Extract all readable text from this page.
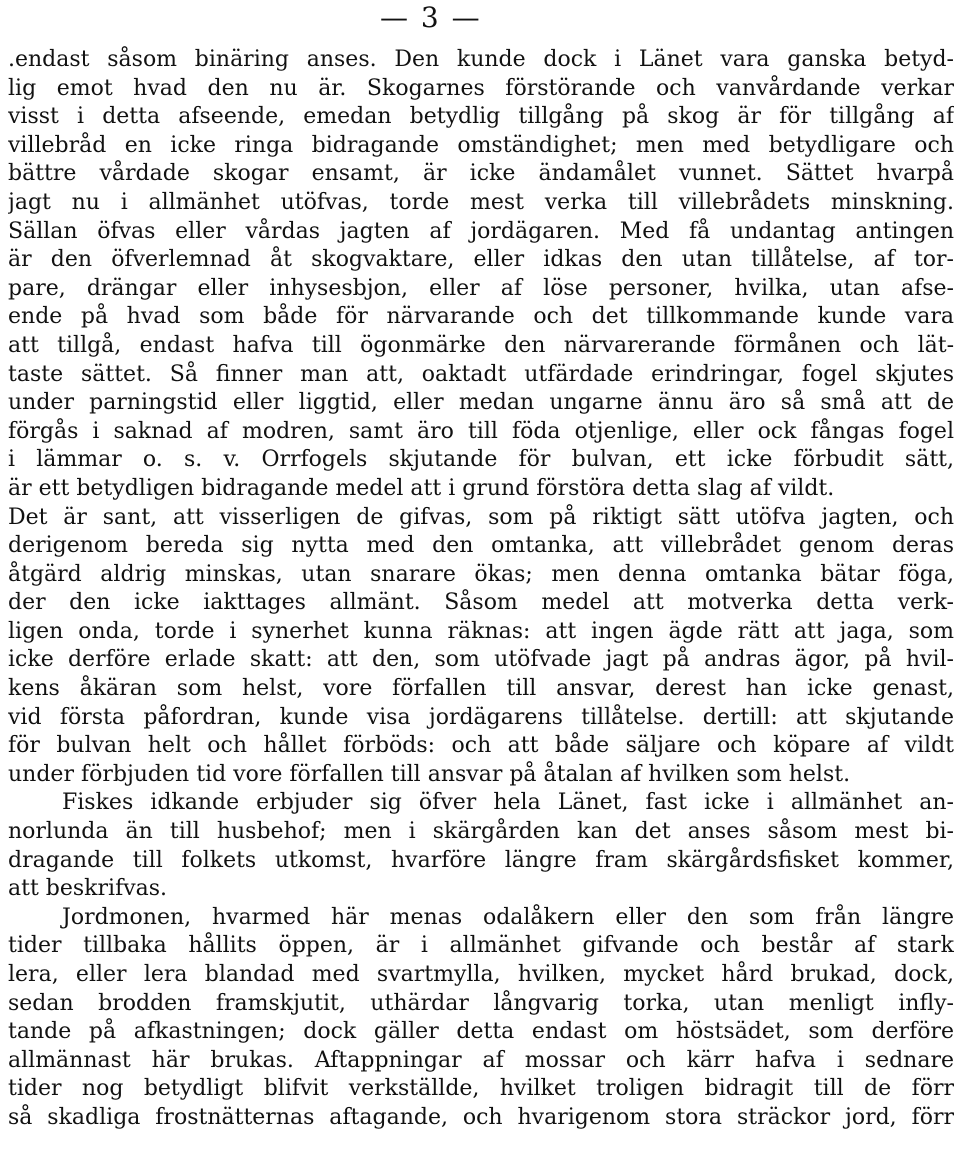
— 3 —
.endast såsom binäring anses. Den kunde dock i Länet vara ganska betyd-
lig emot hvad den nu är. Skogarnes förstörande och vanvårdande verkar
visst i detta afseende, emedan betydlig tillgång på skog är för tillgång af
villebråd en icke ringa bidragande omständighet; men med betydligare och
bättre vårdade skogar ensamt, är icke ändamålet vunnet. Sättet hvarpå
jagt nu i allmänhet utöfvas, torde mest verka till villebrådets minskning.
Sällan öfvas eller vårdas jagten af jordägaren. Med få undantag antingen
är den öfverlemnad åt skogvaktare, eller idkas den utan tillåtelse, af tor-
pare, drängar eller inhysesbjon, eller af löse personer, hvilka, utan afse-
ende på hvad som både för närvarande och det tillkommande kunde vara
att tillgå, endast hafva till ögonmärke den närvarerande förmånen och lät-
taste sättet. Så finner man att, oaktadt utfärdade erindringar, fogel skjutes
under parningstid eller liggtid, eller medan ungarne ännu äro så små att de
förgås i saknad af modren, samt äro till föda otjenlige, eller ock fångas fogel
i lämmar o. s. v. Orrfogels skjutande för bulvan, ett icke förbudit sätt,
är ett betydligen bidragande medel att i grund förstöra detta slag af vildt.
Det är sant, att visserligen de gifvas, som på riktigt sätt utöfva jagten, och
derigenom bereda sig nytta med den omtanka, att villebrådet genom deras
åtgärd aldrig minskas, utan snarare ökas; men denna omtanka bätar föga,
der den icke iakttages allmänt. Såsom medel att motverka detta verk-
ligen onda, torde i synerhet kunna räknas: att ingen ägde rätt att jaga, som
icke derföre erlade skatt: att den, som utöfvade jagt på andras ägor, på hvil-
kens åkäran som helst, vore förfallen till ansvar, derest han icke genast,
vid första påfordran, kunde visa jordägarens tillåtelse. dertill: att skjutande
för bulvan helt och hållet förböds: och att både säljare och köpare af vildt
under förbjuden tid vore förfallen till ansvar på åtalan af hvilken som helst.
Fiskes idkande erbjuder sig öfver hela Länet, fast icke i allmänhet an-
norlunda än till husbehof; men i skärgården kan det anses såsom mest bi-
dragande till folkets utkomst, hvarföre längre fram skärgårdsfisket kommer,
att beskrifvas.
Jordmonen, hvarmed här menas odalåkern eller den som från längre
tider tillbaka hållits öppen, är i allmänhet gifvande och består af stark
lera, eller lera blandad med svartmylla, hvilken, mycket hård brukad, dock,
sedan brodden framskjutit, uthärdar långvarig torka, utan menligt infly-
tande på afkastningen; dock gäller detta endast om höstsädet, som derföre
allmännast här brukas. Aftappningar af mossar och kärr hafva i sednare
tider nog betydligt blifvit verkställde, hvilket troligen bidragit till de förr
så skadliga frostnätternas aftagande, och hvarigenom stora sträckor jord, förr
